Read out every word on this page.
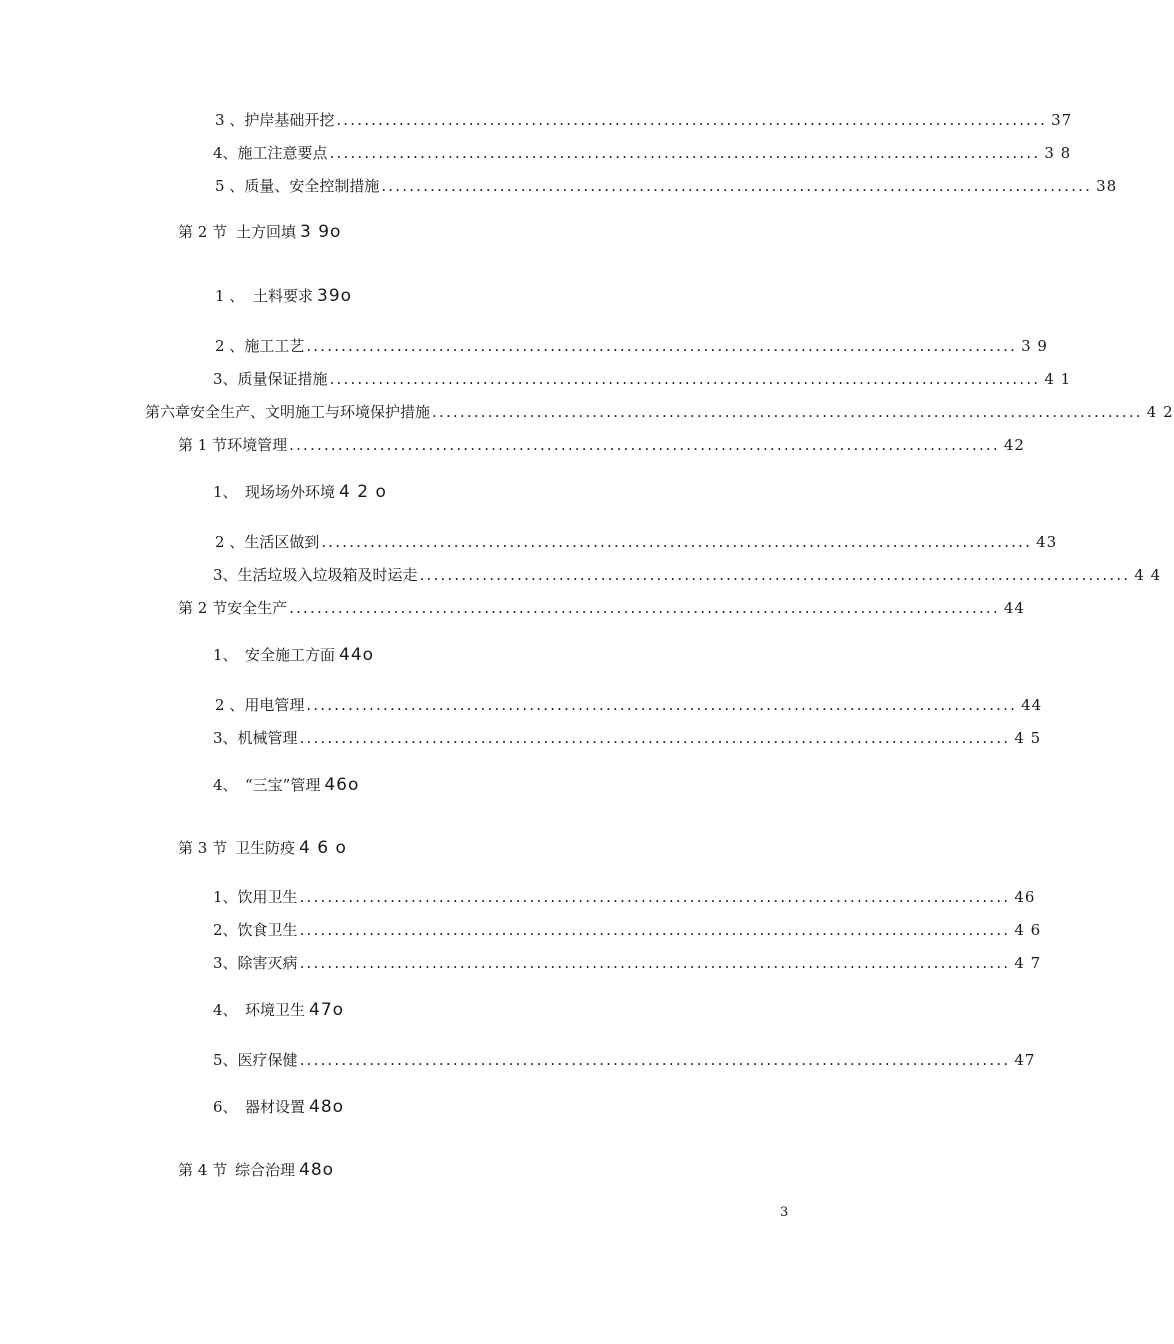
3 、 护岸基础开挖 ...................................................................................................... 37
4、 施工注意要点 ...................................................................................................... 3 8
5 、 质量、安全控制措施 ...................................................................................................... 38
第 2 节 土方回填 3 9o
1 、 土料要求 39o
2 、 施工工艺 ...................................................................................................... 3 9
3、 质量保证措施 ...................................................................................................... 4 1
第六章 安全生产、文明施工与环境保护措施 ...................................................................................................... 4 2
第 1 节 环境管理 ...................................................................................................... 42
1、 现场场外环境 4 2 o
2 、 生活区做到 ...................................................................................................... 43
3、 生活垃圾入垃圾箱及时运走 ...................................................................................................... 4 4
第 2 节 安全生产 ...................................................................................................... 44
1、 安全施工方面 44o
2 、 用电管理 ...................................................................................................... 44
3、 机械管理 ...................................................................................................... 4 5
4、 “三宝”管理 46o
第 3 节 卫生防疫 4 6 o
1、 饮用卫生 ...................................................................................................... 46
2、 饮食卫生 ...................................................................................................... 4 6
3、 除害灭病 ...................................................................................................... 4 7
4、 环境卫生 47o
5、 医疗保健 ...................................................................................................... 47
6、 器材设置 48o
第 4 节 综合治理 48o
3
